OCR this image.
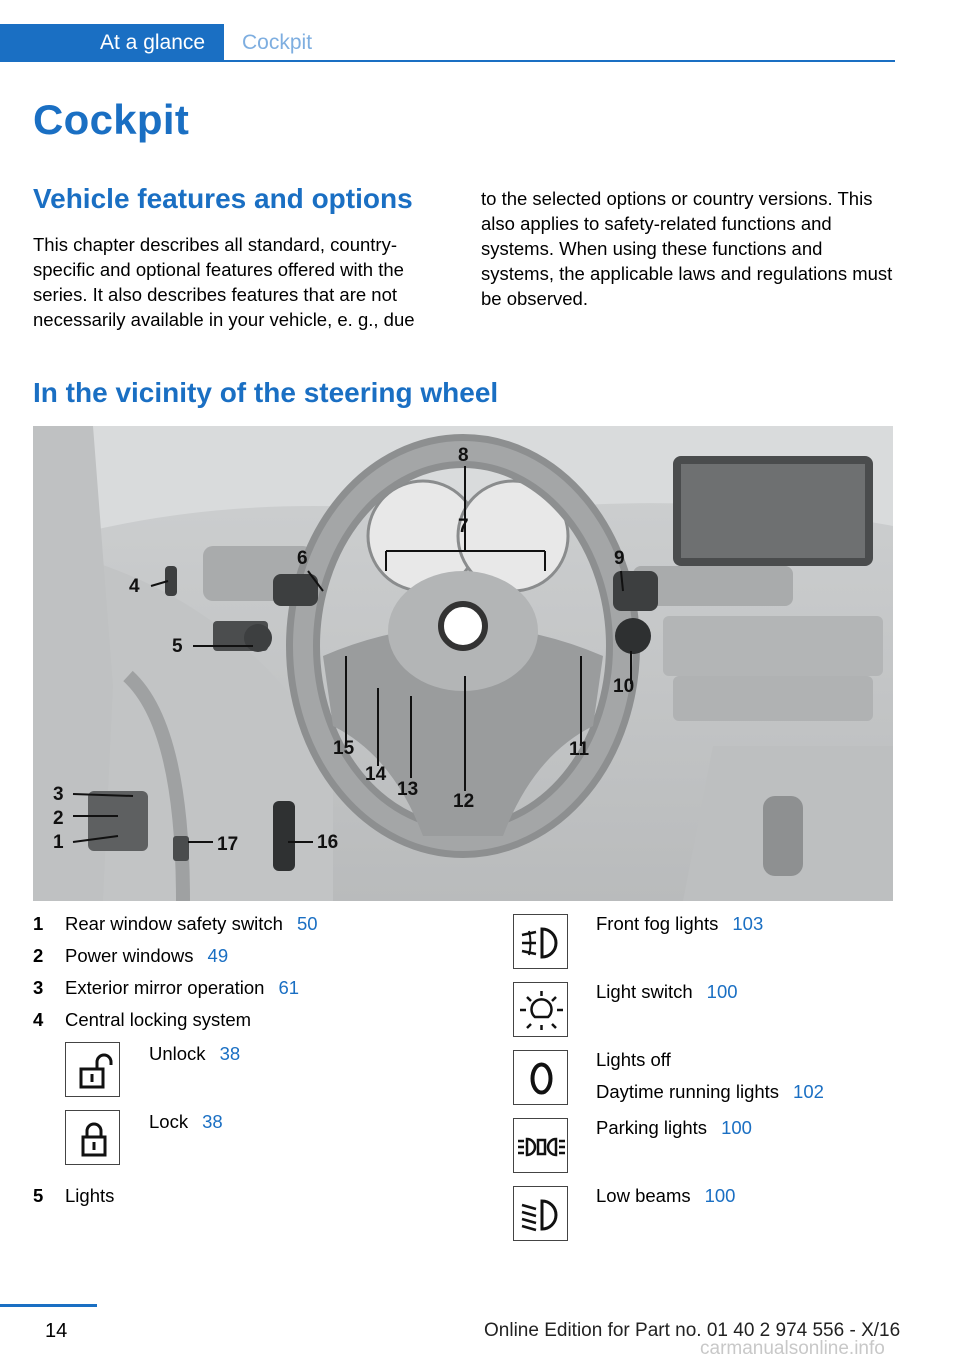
At a glance	Cockpit
Cockpit
Vehicle features and options
This chapter describes all standard, country-specific and optional features offered with the series. It also describes features that are not necessarily available in your vehicle, e. g., due
to the selected options or country versions. This also applies to safety-related functions and systems. When using these functions and systems, the applicable laws and regulations must be observed.
In the vicinity of the steering wheel
1
2
3
4
5
6
7
8
9
10
11
12
13
14
15
16
17
1 Rear window safety switch 50
2 Power windows 49
3 Exterior mirror operation 61
4 Central locking system
Unlock 38
Lock 38
5 Lights
Front fog lights 103
Light switch 100
Lights off
Daytime running lights 102
Parking lights 100
Low beams 100
14	Online Edition for Part no. 01 40 2 974 556 - X/16
carmanualsonline.info
